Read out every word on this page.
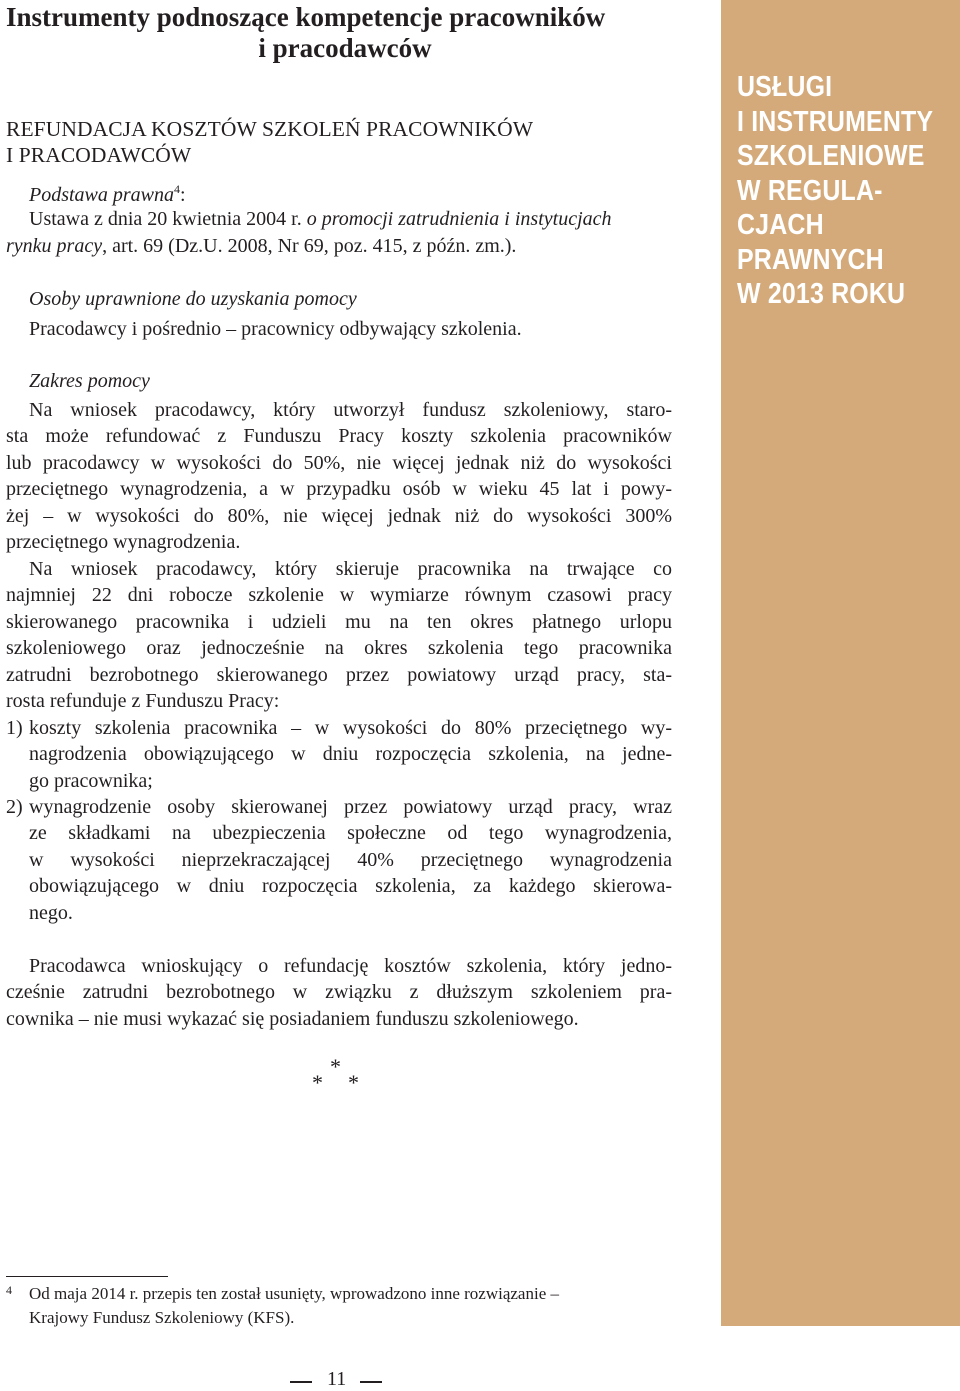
USŁUGI
I INSTRUMENTY
SZKOLENIOWE
W REGULA-
CJACH
PRAWNYCH
W 2013 ROKU
Instrumenty podnoszące kompetencje pracowników
i pracodawców
REFUNDACJA KOSZTÓW SZKOLEŃ PRACOWNIKÓW
I PRACODAWCÓW
Podstawa prawna$^4$:
Ustawa z dnia 20 kwietnia 2004 r. o promocji zatrudnienia i instytucjach
rynku pracy, art. 69 (Dz.U. 2008, Nr 69, poz. 415, z późn. zm.).
Osoby uprawnione do uzyskania pomocy
Pracodawcy i pośrednio – pracownicy odbywający szkolenia.
Zakres pomocy
Na wniosek pracodawcy, który utworzył fundusz szkoleniowy, staro-
sta może refundować z Funduszu Pracy koszty szkolenia pracowników
lub pracodawcy w wysokości do 50%, nie więcej jednak niż do wysokości
przeciętnego wynagrodzenia, a w przypadku osób w wieku 45 lat i powy-
żej – w wysokości do 80%, nie więcej jednak niż do wysokości 300%
przeciętnego wynagrodzenia.
Na wniosek pracodawcy, który skieruje pracownika na trwające co
najmniej 22 dni robocze szkolenie w wymiarze równym czasowi pracy
skierowanego pracownika i udzieli mu na ten okres płatnego urlopu
szkoleniowego oraz jednocześnie na okres szkolenia tego pracownika
zatrudni bezrobotnego skierowanego przez powiatowy urząd pracy, sta-
rosta refunduje z Funduszu Pracy:
1) koszty szkolenia pracownika – w wysokości do 80% przeciętnego wy-
nagrodzenia obowiązującego w dniu rozpoczęcia szkolenia, na jedne-
go pracownika;
2) wynagrodzenie osoby skierowanej przez powiatowy urząd pracy, wraz
ze składkami na ubezpieczenia społeczne od tego wynagrodzenia,
w wysokości nieprzekraczającej 40% przeciętnego wynagrodzenia
obowiązującego w dniu rozpoczęcia szkolenia, za każdego skierowa-
nego.
Pracodawca wnioskujący o refundację kosztów szkolenia, który jedno-
cześnie zatrudni bezrobotnego w związku z dłuższym szkoleniem pra-
cownika – nie musi wykazać się posiadaniem funduszu szkoleniowego.
*
* *
4 Od maja 2014 r. przepis ten został usunięty, wprowadzono inne rozwiązanie –
Krajowy Fundusz Szkoleniowy (KFS).
11
